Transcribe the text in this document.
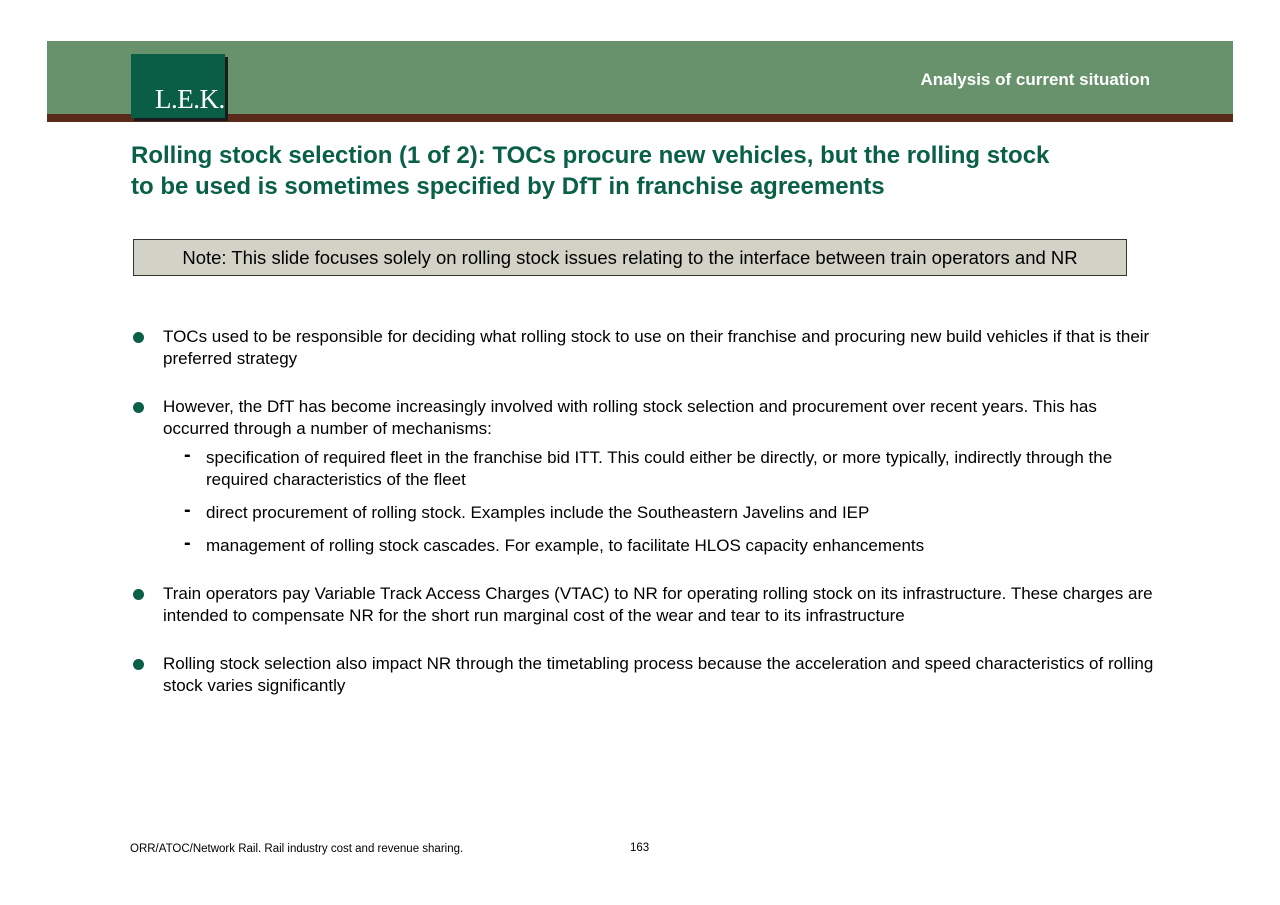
L.E.K.
Analysis of current situation
Rolling stock selection (1 of 2): TOCs procure new vehicles, but the rolling stock
to be used is sometimes specified by DfT in franchise agreements
Note: This slide focuses solely on rolling stock issues relating to the interface between train operators and NR
TOCs used to be responsible for deciding what rolling stock to use on their franchise and procuring new build vehicles if that is their preferred strategy
However, the DfT has become increasingly involved with rolling stock selection and procurement over recent years. This has occurred through a number of mechanisms:
- specification of required fleet in the franchise bid ITT. This could either be directly, or more typically, indirectly through the required characteristics of the fleet
- direct procurement of rolling stock. Examples include the Southeastern Javelins and IEP
- management of rolling stock cascades. For example, to facilitate HLOS capacity enhancements
Train operators pay Variable Track Access Charges (VTAC) to NR for operating rolling stock on its infrastructure. These charges are intended to compensate NR for the short run marginal cost of the wear and tear to its infrastructure
Rolling stock selection also impact NR through the timetabling process because the acceleration and speed characteristics of rolling stock varies significantly
ORR/ATOC/Network Rail. Rail industry cost and revenue sharing.	163
